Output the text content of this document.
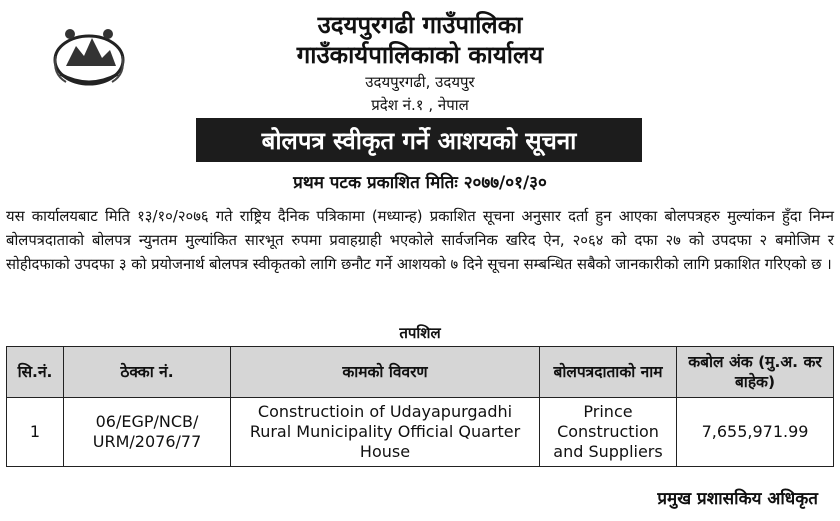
उदयपुरगढी गाउँपालिका
गाउँकार्यपालिकाको कार्यालय
उदयपुरगढी, उदयपुर
प्रदेश नं.१ , नेपाल
बोलपत्र स्वीकृत गर्ने आशयको सूचना
प्रथम पटक प्रकाशित मितिः २०७७/०१/३०
यस कार्यालयबाट मिति १३/१०/२०७६ गते राष्ट्रिय दैनिक पत्रिकामा (मध्यान्ह) प्रकाशित सूचना अनुसार दर्ता हुन आएका बोलपत्रहरु मुल्यांकन हुँदा निम्न बोलपत्रदाताको बोलपत्र न्युनतम मुल्यांकित सारभूत रुपमा प्रवाहग्राही भएकोले सार्वजनिक खरिद ऐन, २०६४ को दफा २७ को उपदफा २ बमोजिम र सोहीदफाको उपदफा ३ को प्रयोजनार्थ बोलपत्र स्वीकृतको लागि छनौट गर्ने आशयको ७ दिने सूचना सम्बन्धित सबैको जानकारीको लागि प्रकाशित गरिएको छ ।
तपशिल
सि.नं.	ठेक्का नं.	कामको विवरण	बोलपत्रदाताको नाम	कबोल अंक (मु.अ. कर बाहेक)
1	06/EGP/NCB/ URM/2076/77	Constructioin of Udayapurgadhi Rural Municipality Official Quarter House	Prince Construction and Suppliers	7,655,971.99
प्रमुख प्रशासकिय अधिकृत
